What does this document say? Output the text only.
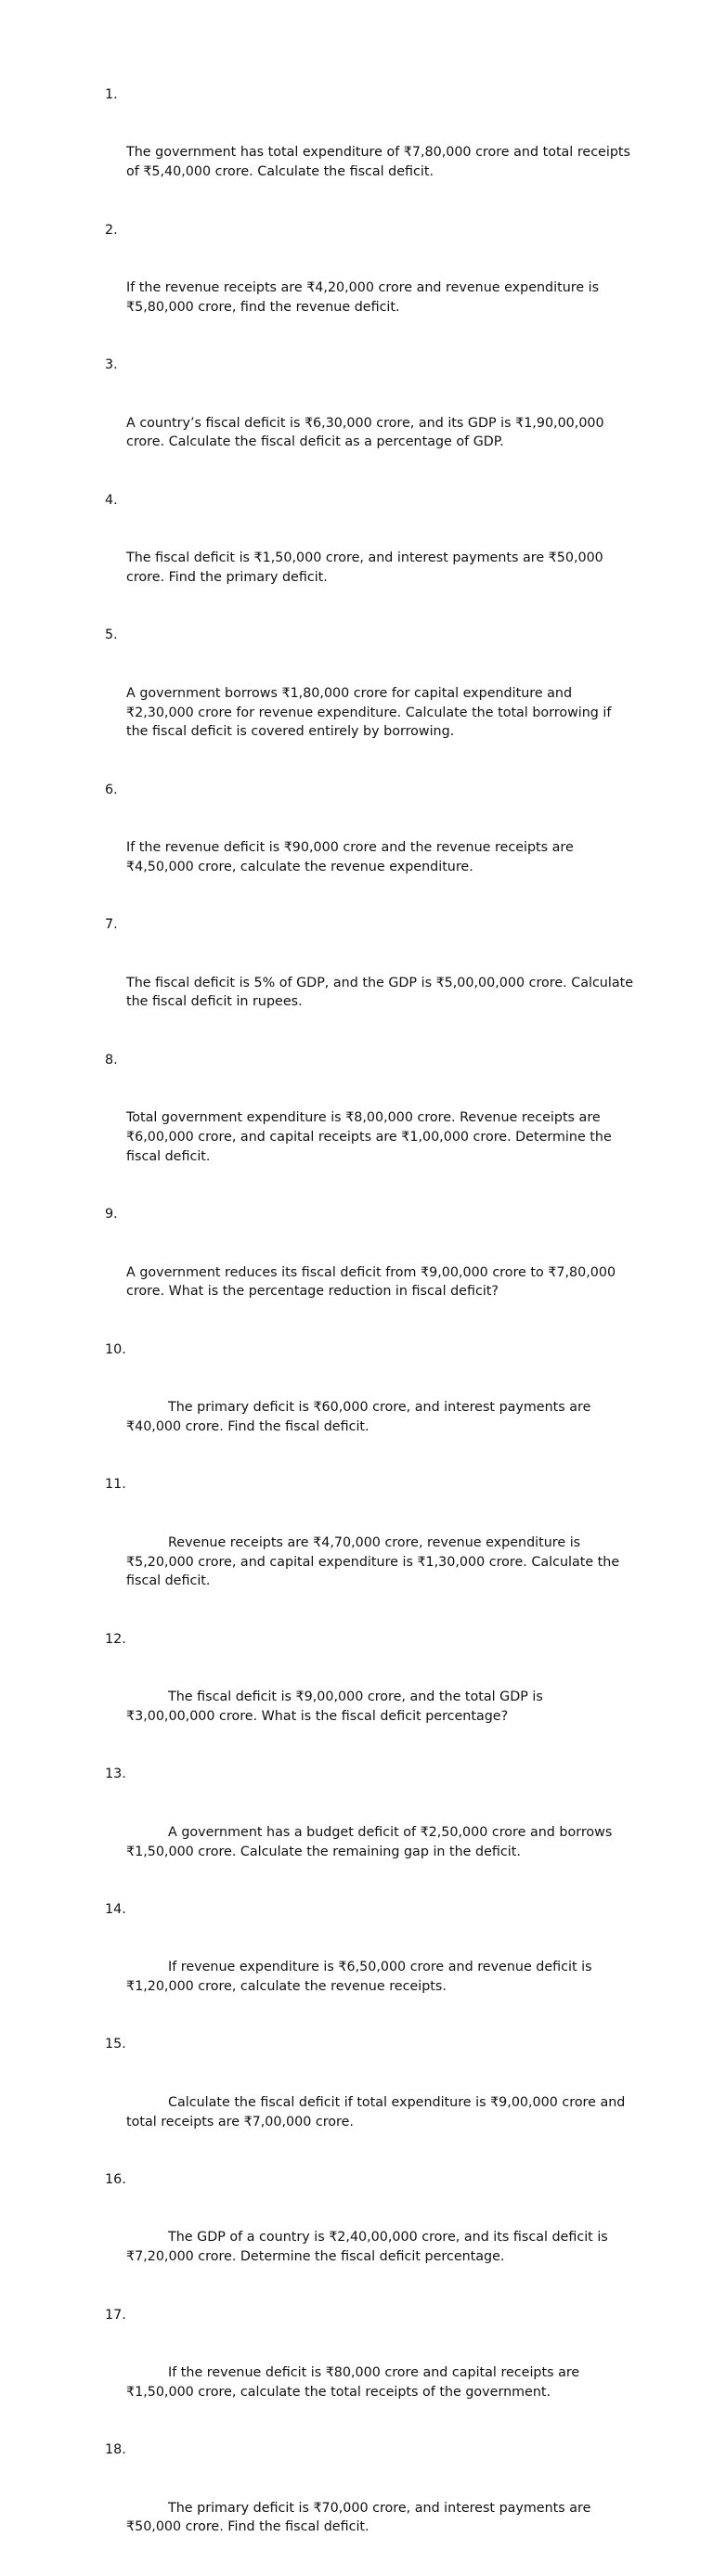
1.

The government has total expenditure of ₹7,80,000 crore and total receipts of ₹5,40,000 crore. Calculate the fiscal deficit.

2.

If the revenue receipts are ₹4,20,000 crore and revenue expenditure is ₹5,80,000 crore, find the revenue deficit.

3.

A country’s fiscal deficit is ₹6,30,000 crore, and its GDP is ₹1,90,00,000 crore. Calculate the fiscal deficit as a percentage of GDP.

4.

The fiscal deficit is ₹1,50,000 crore, and interest payments are ₹50,000 crore. Find the primary deficit.

5.

A government borrows ₹1,80,000 crore for capital expenditure and ₹2,30,000 crore for revenue expenditure. Calculate the total borrowing if the fiscal deficit is covered entirely by borrowing.

6.

If the revenue deficit is ₹90,000 crore and the revenue receipts are ₹4,50,000 crore, calculate the revenue expenditure.

7.

The fiscal deficit is 5% of GDP, and the GDP is ₹5,00,00,000 crore. Calculate the fiscal deficit in rupees.

8.

Total government expenditure is ₹8,00,000 crore. Revenue receipts are ₹6,00,000 crore, and capital receipts are ₹1,00,000 crore. Determine the fiscal deficit.

9.

A government reduces its fiscal deficit from ₹9,00,000 crore to ₹7,80,000 crore. What is the percentage reduction in fiscal deficit?

10.

The primary deficit is ₹60,000 crore, and interest payments are ₹40,000 crore. Find the fiscal deficit.

11.

Revenue receipts are ₹4,70,000 crore, revenue expenditure is ₹5,20,000 crore, and capital expenditure is ₹1,30,000 crore. Calculate the fiscal deficit.

12.

The fiscal deficit is ₹9,00,000 crore, and the total GDP is ₹3,00,00,000 crore. What is the fiscal deficit percentage?

13.

A government has a budget deficit of ₹2,50,000 crore and borrows ₹1,50,000 crore. Calculate the remaining gap in the deficit.

14.

If revenue expenditure is ₹6,50,000 crore and revenue deficit is ₹1,20,000 crore, calculate the revenue receipts.

15.

Calculate the fiscal deficit if total expenditure is ₹9,00,000 crore and total receipts are ₹7,00,000 crore.

16.

The GDP of a country is ₹2,40,00,000 crore, and its fiscal deficit is ₹7,20,000 crore. Determine the fiscal deficit percentage.

17.

If the revenue deficit is ₹80,000 crore and capital receipts are ₹1,50,000 crore, calculate the total receipts of the government.

18.

The primary deficit is ₹70,000 crore, and interest payments are ₹50,000 crore. Find the fiscal deficit.
